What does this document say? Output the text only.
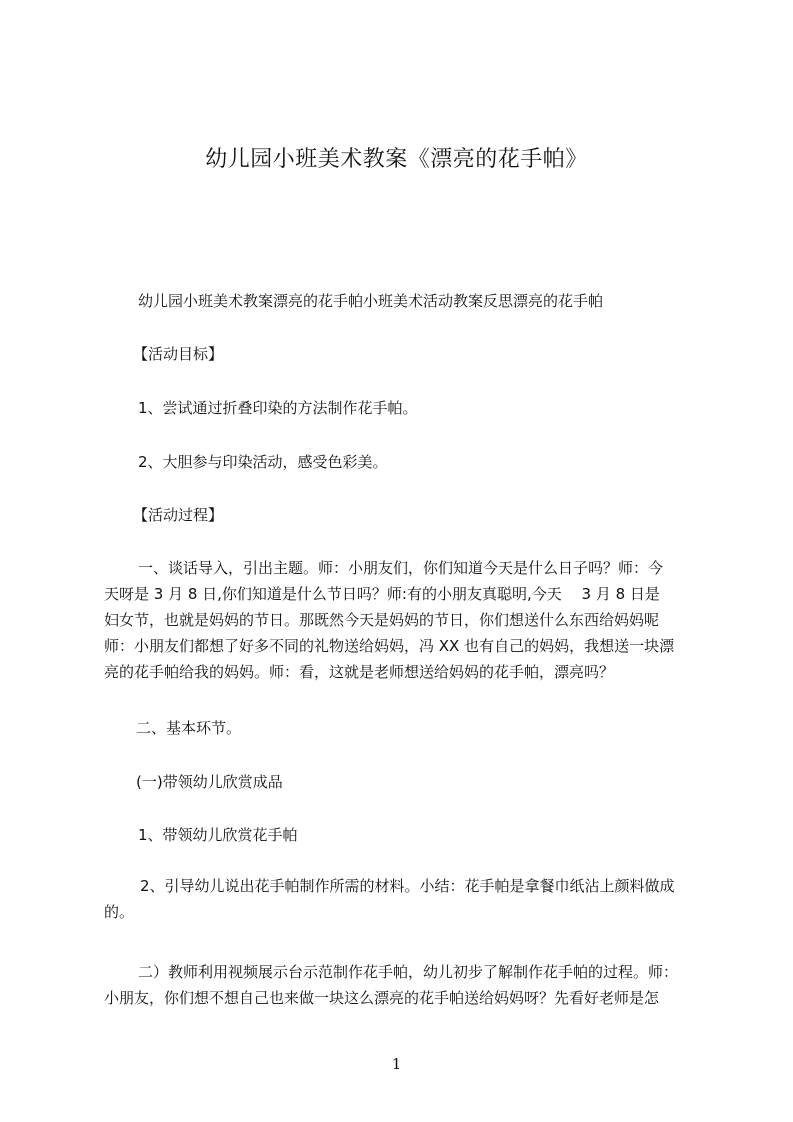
幼儿园小班美术教案《漂亮的花手帕》
幼儿园小班美术教案漂亮的花手帕小班美术活动教案反思漂亮的花手帕
【活动目标】
1、尝试通过折叠印染的方法制作花手帕。
2、大胆参与印染活动，感受色彩美。
【活动过程】
一、谈话导入，引出主题。师：小朋友们，你们知道今天是什么日子吗？师：今
天呀是 3 月 8 日,你们知道是什么节日吗？师:有的小朋友真聪明,今天　 3 月 8 日是
妇女节，也就是妈妈的节日。那既然今天是妈妈的节日，你们想送什么东西给妈妈呢
师：小朋友们都想了好多不同的礼物送给妈妈，冯 XX 也有自己的妈妈，我想送一块漂
亮的花手帕给我的妈妈。师：看，这就是老师想送给妈妈的花手帕，漂亮吗？
二、基本环节。
(一)带领幼儿欣赏成品
1、带领幼儿欣赏花手帕
2、引导幼儿说出花手帕制作所需的材料。小结：花手帕是拿餐巾纸沾上颜料做成
的。
二）教师利用视频展示台示范制作花手帕，幼儿初步了解制作花手帕的过程。师：
小朋友，你们想不想自己也来做一块这么漂亮的花手帕送给妈妈呀？先看好老师是怎
1
